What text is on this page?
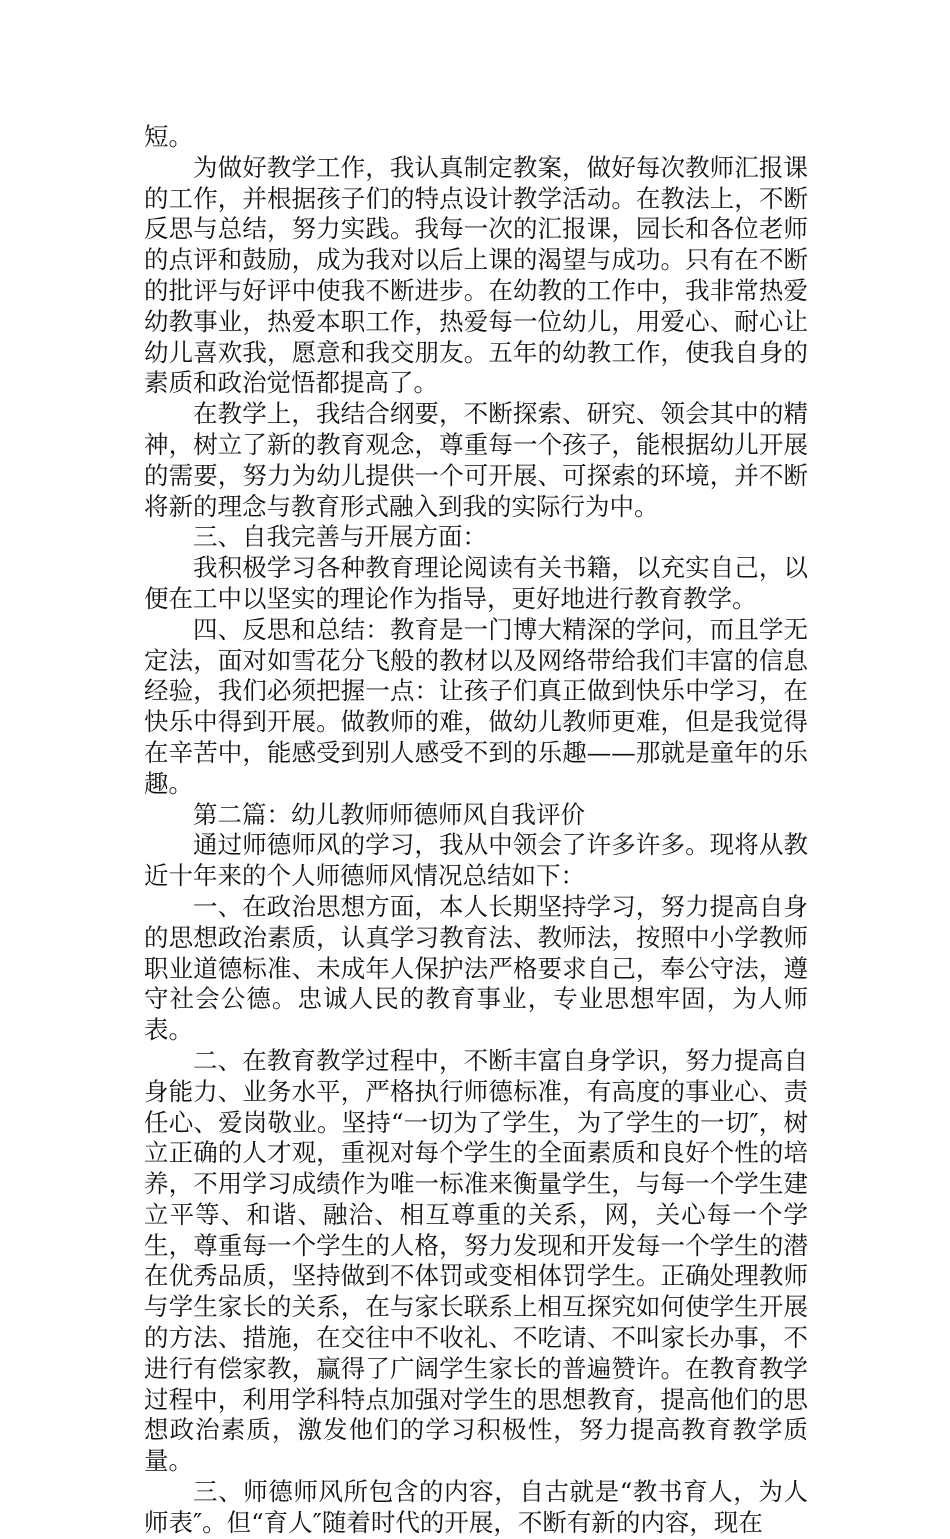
短。

为做好教学工作，我认真制定教案，做好每次教师汇报课的工作，并根据孩子们的特点设计教学活动。在教法上，不断反思与总结，努力实践。我每一次的汇报课，园长和各位老师的点评和鼓励，成为我对以后上课的渴望与成功。只有在不断的批评与好评中使我不断进步。在幼教的工作中，我非常热爱幼教事业，热爱本职工作，热爱每一位幼儿，用爱心、耐心让幼儿喜欢我，愿意和我交朋友。五年的幼教工作，使我自身的素质和政治觉悟都提高了。

在教学上，我结合纲要，不断探索、研究、领会其中的精神，树立了新的教育观念，尊重每一个孩子，能根据幼儿开展的需要，努力为幼儿提供一个可开展、可探索的环境，并不断将新的理念与教育形式融入到我的实际行为中。

三、自我完善与开展方面：

我积极学习各种教育理论阅读有关书籍，以充实自己，以便在工中以坚实的理论作为指导，更好地进行教育教学。

四、反思和总结：教育是一门博大精深的学问，而且学无定法，面对如雪花分飞般的教材以及网络带给我们丰富的信息经验，我们必须把握一点：让孩子们真正做到快乐中学习，在快乐中得到开展。做教师的难，做幼儿教师更难，但是我觉得在辛苦中，能感受到别人感受不到的乐趣——那就是童年的乐趣。

第二篇：幼儿教师师德师风自我评价

通过师德师风的学习，我从中领会了许多许多。现将从教近十年来的个人师德师风情况总结如下：

一、在政治思想方面，本人长期坚持学习，努力提高自身的思想政治素质，认真学习教育法、教师法，按照中小学教师职业道德标准、未成年人保护法严格要求自己，奉公守法，遵守社会公德。忠诚人民的教育事业，专业思想牢固，为人师表。

二、在教育教学过程中，不断丰富自身学识，努力提高自身能力、业务水平，严格执行师德标准，有高度的事业心、责任心、爱岗敬业。坚持“一切为了学生，为了学生的一切″，树立正确的人才观，重视对每个学生的全面素质和良好个性的培养，不用学习成绩作为唯一标准来衡量学生，与每一个学生建立平等、和谐、融洽、相互尊重的关系，网，关心每一个学生，尊重每一个学生的人格，努力发现和开发每一个学生的潜在优秀品质，坚持做到不体罚或变相体罚学生。正确处理教师与学生家长的关系，在与家长联系上相互探究如何使学生开展的方法、措施，在交往中不收礼、不吃请、不叫家长办事，不进行有偿家教，赢得了广阔学生家长的普遍赞许。在教育教学过程中，利用学科特点加强对学生的思想教育，提高他们的思想政治素质，激发他们的学习积极性，努力提高教育教学质量。

三、师德师风所包含的内容，自古就是“教书育人，为人师表″。但“育人″随着时代的开展，不断有新的内容，现在
